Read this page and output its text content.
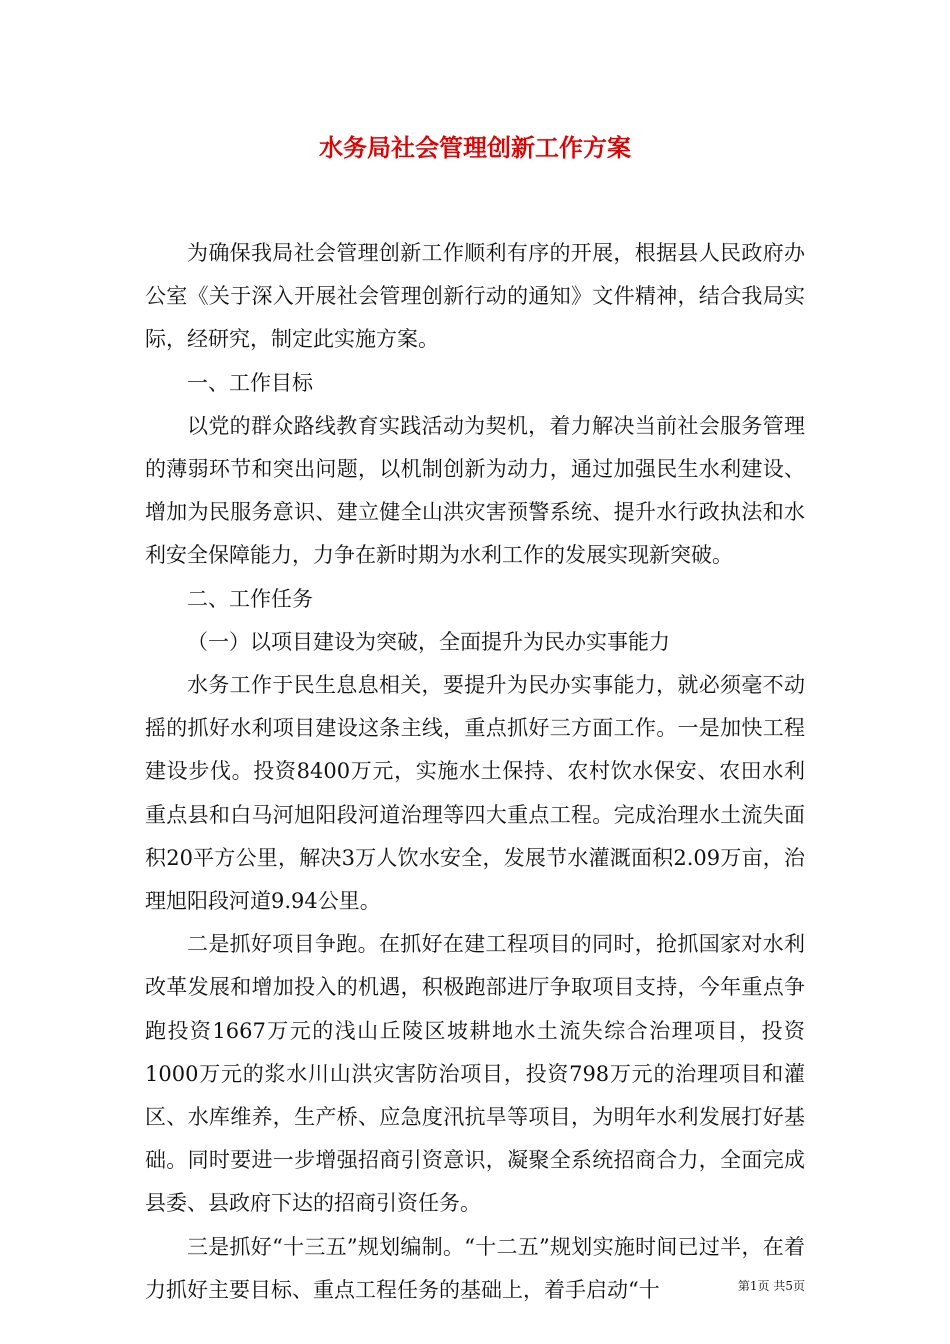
水务局社会管理创新工作方案

为确保我局社会管理创新工作顺利有序的开展，根据县人民政府办公室《关于深入开展社会管理创新行动的通知》文件精神，结合我局实际，经研究，制定此实施方案。

一、工作目标

以党的群众路线教育实践活动为契机，着力解决当前社会服务管理的薄弱环节和突出问题，以机制创新为动力，通过加强民生水利建设、增加为民服务意识、建立健全山洪灾害预警系统、提升水行政执法和水利安全保障能力，力争在新时期为水利工作的发展实现新突破。

二、工作任务

（一）以项目建设为突破，全面提升为民办实事能力

水务工作于民生息息相关，要提升为民办实事能力，就必须毫不动摇的抓好水利项目建设这条主线，重点抓好三方面工作。一是加快工程建设步伐。投资8400万元，实施水土保持、农村饮水保安、农田水利重点县和白马河旭阳段河道治理等四大重点工程。完成治理水土流失面积20平方公里，解决3万人饮水安全，发展节水灌溉面积2.09万亩，治理旭阳段河道9.94公里。

二是抓好项目争跑。在抓好在建工程项目的同时，抢抓国家对水利改革发展和增加投入的机遇，积极跑部进厅争取项目支持，今年重点争跑投资1667万元的浅山丘陵区坡耕地水土流失综合治理项目，投资1000万元的浆水川山洪灾害防治项目，投资798万元的治理项目和灌区、水库维养，生产桥、应急度汛抗旱等项目，为明年水利发展打好基础。同时要进一步增强招商引资意识，凝聚全系统招商合力，全面完成县委、县政府下达的招商引资任务。

三是抓好“十三五”规划编制。“十二五”规划实施时间已过半，在着力抓好主要目标、重点工程任务的基础上，着手启动“十	第1页 共5页
